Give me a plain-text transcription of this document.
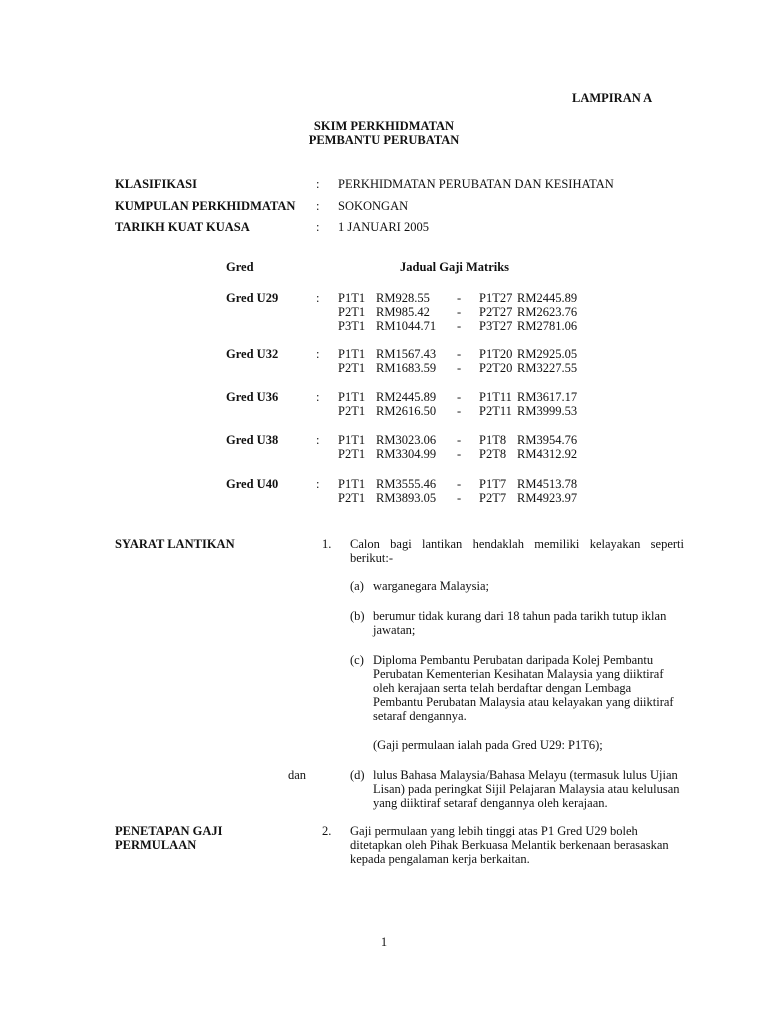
LAMPIRAN A
SKIM PERKHIDMATAN
PEMBANTU PERUBATAN
KLASIFIKASI	: PERKHIDMATAN PERUBATAN DAN KESIHATAN
KUMPULAN PERKHIDMATAN : SOKONGAN
TARIKH KUAT KUASA	: 1 JANUARI 2005
Gred	Jadual Gaji Matriks
Gred U29	: P1T1 RM928.55 - P1T27 RM2445.89
P2T1 RM985.42 - P2T27 RM2623.76
P3T1 RM1044.71 - P3T27 RM2781.06
Gred U32	: P1T1 RM1567.43 - P1T20 RM2925.05
P2T1 RM1683.59 - P2T20 RM3227.55
Gred U36	: P1T1 RM2445.89 - P1T11 RM3617.17
P2T1 RM2616.50 - P2T11 RM3999.53
Gred U38	: P1T1 RM3023.06 - P1T8 RM3954.76
P2T1 RM3304.99 - P2T8 RM4312.92
Gred U40	: P1T1 RM3555.46 - P1T7 RM4513.78
P2T1 RM3893.05 - P2T7 RM4923.97
SYARAT LANTIKAN	1. Calon bagi lantikan hendaklah memiliki kelayakan seperti berikut:-
(a) warganegara Malaysia;
(b) berumur tidak kurang dari 18 tahun pada tarikh tutup iklan
jawatan;
(c) Diploma Pembantu Perubatan daripada Kolej Pembantu
Perubatan Kementerian Kesihatan Malaysia yang diiktiraf
oleh kerajaan serta telah berdaftar dengan Lembaga
Pembantu Perubatan Malaysia atau kelayakan yang diiktiraf
setaraf dengannya.
(Gaji permulaan ialah pada Gred U29: P1T6);
dan	(d) lulus Bahasa Malaysia/Bahasa Melayu (termasuk lulus Ujian
Lisan) pada peringkat Sijil Pelajaran Malaysia atau kelulusan
yang diiktiraf setaraf dengannya oleh kerajaan.
PENETAPAN GAJI
PERMULAAN
2. Gaji permulaan yang lebih tinggi atas P1 Gred U29 boleh
ditetapkan oleh Pihak Berkuasa Melantik berkenaan berasaskan
kepada pengalaman kerja berkaitan.
1
